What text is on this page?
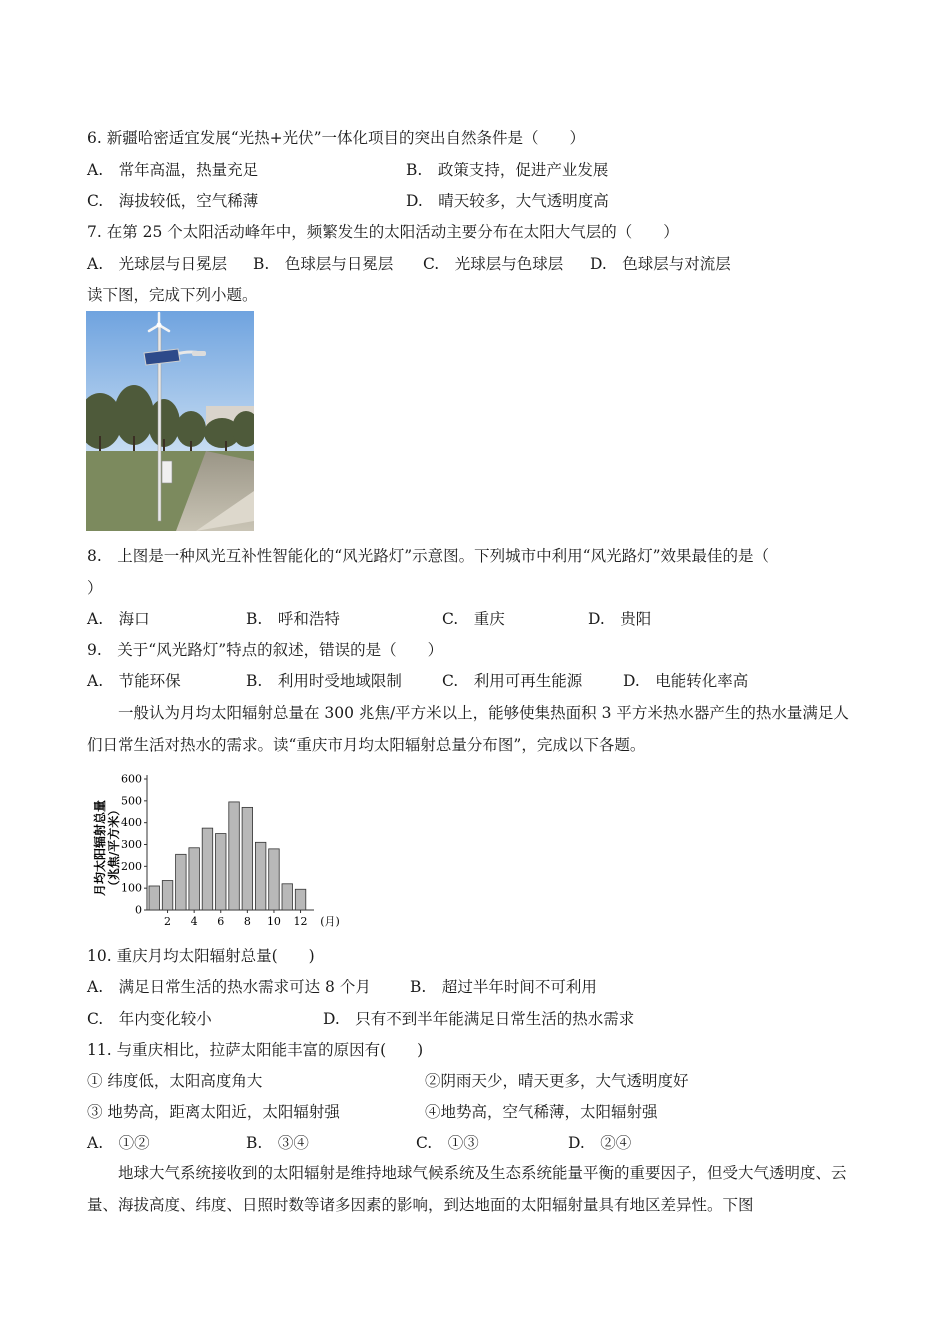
6. 新疆哈密适宜发展“光热+光伏”一体化项目的突出自然条件是（　　）
A.　常年高温，热量充足	B.　政策支持，促进产业发展
C.　海拔较低，空气稀薄	D.　晴天较多，大气透明度高
7. 在第 25 个太阳活动峰年中，频繁发生的太阳活动主要分布在太阳大气层的（　　）
A.　光球层与日冕层 B.　色球层与日冕层 C.　光球层与色球层 D.　色球层与对流层
读下图，完成下列小题。
8.　上图是一种风光互补性智能化的“风光路灯”示意图。下列城市中利用“风光路灯”效果最佳的是（
）
A.　海口	B.　呼和浩特	C.　重庆	D.　贵阳
9.　关于“风光路灯”特点的叙述，错误的是（　　）
A.　节能环保	B.　利用时受地域限制	C.　利用可再生能源	D.　电能转化率高
一般认为月均太阳辐射总量在 300 兆焦/平方米以上，能够使集热面积 3 平方米热水器产生的热水量满足人们日常生活对热水的需求。读“重庆市月均太阳辐射总量分布图”，完成以下各题。
月均太阳辐射总量 （兆焦/平方米）
0
100
200
300
400
500
600
2 4 6 8 10 12 (月)
10. 重庆月均太阳辐射总量(　　)
A.　满足日常生活的热水需求可达 8 个月	B.　超过半年时间不可利用
C.　年内变化较小	D.　只有不到半年能满足日常生活的热水需求
11. 与重庆相比，拉萨太阳能丰富的原因有(　　)
① 纬度低，太阳高度角大	②阴雨天少，晴天更多，大气透明度好
③ 地势高，距离太阳近，太阳辐射强	④地势高，空气稀薄，太阳辐射强
A.　①②	B.　③④	C.　①③	D.　②④
地球大气系统接收到的太阳辐射是维持地球气候系统及生态系统能量平衡的重要因子，但受大气透明度、云量、海拔高度、纬度、日照时数等诸多因素的影响，到达地面的太阳辐射量具有地区差异性。下图
